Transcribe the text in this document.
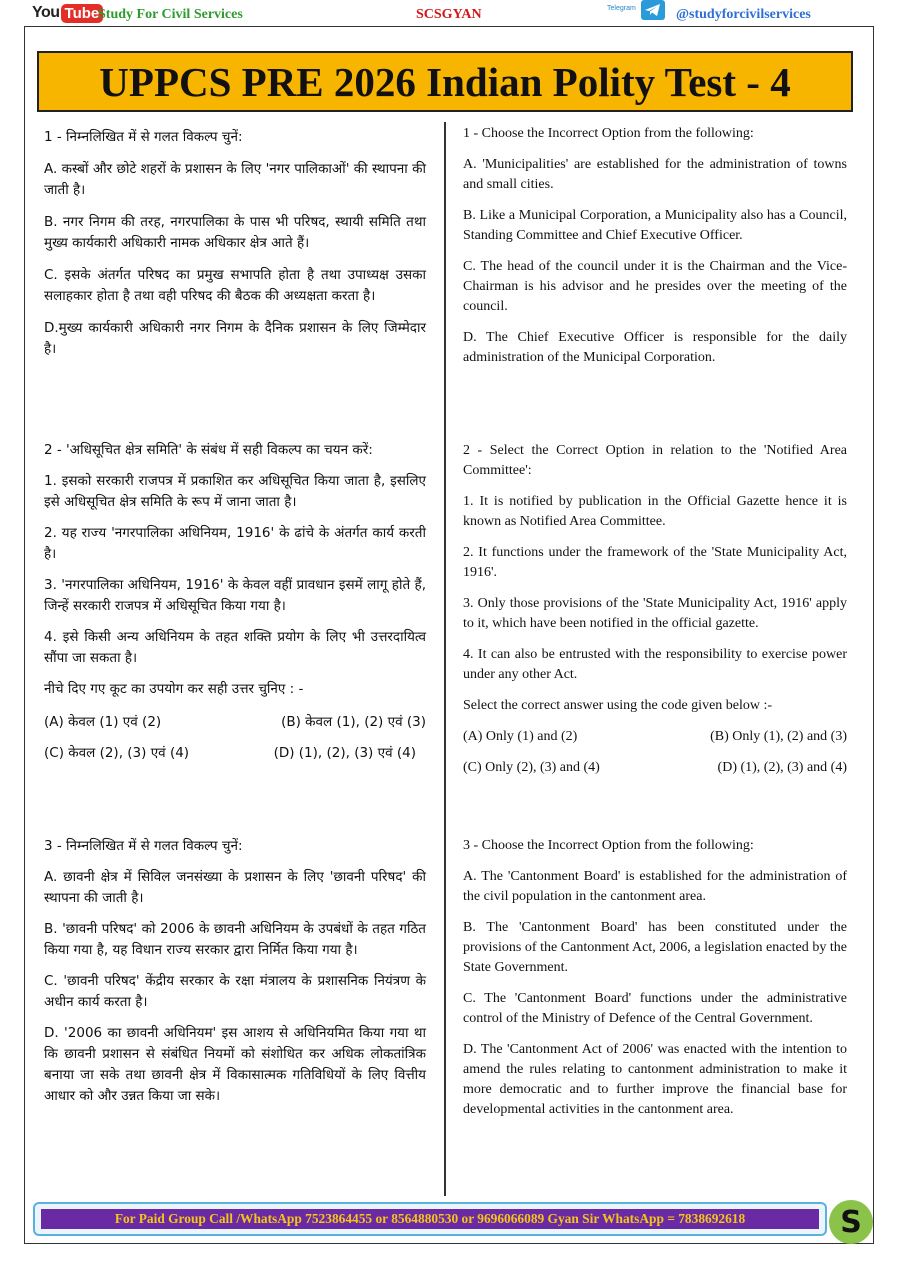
You Tube
Study For Civil Services	SCSGYAN	Telegram	@studyforcivilservices
UPPCS PRE 2026 Indian Polity Test - 4

1 - निम्नलिखित में से गलत विकल्प चुनें:

A. कस्बों और छोटे शहरों के प्रशासन के लिए 'नगर पालिकाओं' की स्थापना की जाती है।

B. नगर निगम की तरह, नगरपालिका के पास भी परिषद, स्थायी समिति तथा मुख्य कार्यकारी अधिकारी नामक अधिकार क्षेत्र आते हैं।

C. इसके अंतर्गत परिषद का प्रमुख सभापति होता है तथा उपाध्यक्ष उसका सलाहकार होता है तथा वही परिषद की बैठक की अध्यक्षता करता है।

D.मुख्य कार्यकारी अधिकारी नगर निगम के दैनिक प्रशासन के लिए जिम्मेदार है।

1 - Choose the Incorrect Option from the following:

A. 'Municipalities' are established for the administration of towns and small cities.

B. Like a Municipal Corporation, a Municipality also has a Council, Standing Committee and Chief Executive Officer.

C. The head of the council under it is the Chairman and the Vice-Chairman is his advisor and he presides over the meeting of the council.

D. The Chief Executive Officer is responsible for the daily administration of the Municipal Corporation.

2 - 'अधिसूचित क्षेत्र समिति' के संबंध में सही विकल्प का चयन करें:

1. इसको सरकारी राजपत्र में प्रकाशित कर अधिसूचित किया जाता है, इसलिए इसे अधिसूचित क्षेत्र समिति के रूप में जाना जाता है।

2. यह राज्य 'नगरपालिका अधिनियम, 1916' के ढांचे के अंतर्गत कार्य करती है।

3. 'नगरपालिका अधिनियम, 1916' के केवल वहीं प्रावधान इसमें लागू होते हैं, जिन्हें सरकारी राजपत्र में अधिसूचित किया गया है।

4. इसे किसी अन्य अधिनियम के तहत शक्ति प्रयोग के लिए भी उत्तरदायित्व सौंपा जा सकता है।

नीचे दिए गए कूट का उपयोग कर सही उत्तर चुनिए : -

(A) केवल (1) एवं (2)	(B) केवल (1), (2) एवं (3)
(C) केवल (2), (3) एवं (4)	(D) (1), (2), (3) एवं (4)

2 - Select the Correct Option in relation to the 'Notified Area Committee':

1. It is notified by publication in the Official Gazette hence it is known as Notified Area Committee.

2. It functions under the framework of the 'State Municipality Act, 1916'.

3. Only those provisions of the 'State Municipality Act, 1916' apply to it, which have been notified in the official gazette.

4. It can also be entrusted with the responsibility to exercise power under any other Act.

Select the correct answer using the code given below :-

(A) Only (1) and (2)	(B) Only (1), (2) and (3)
(C) Only (2), (3) and (4)	(D) (1), (2), (3) and (4)

3 - निम्नलिखित में से गलत विकल्प चुनें:

A. छावनी क्षेत्र में सिविल जनसंख्या के प्रशासन के लिए 'छावनी परिषद' की स्थापना की जाती है।

B. 'छावनी परिषद' को 2006 के छावनी अधिनियम के उपबंधों के तहत गठित किया गया है, यह विधान राज्य सरकार द्वारा निर्मित किया गया है।

C. 'छावनी परिषद' केंद्रीय सरकार के रक्षा मंत्रालय के प्रशासनिक नियंत्रण के अधीन कार्य करता है।

D. '2006 का छावनी अधिनियम' इस आशय से अधिनियमित किया गया था कि छावनी प्रशासन से संबंधित नियमों को संशोधित कर अधिक लोकतांत्रिक बनाया जा सके तथा छावनी क्षेत्र में विकासात्मक गतिविधियों के लिए वित्तीय आधार को और उन्नत किया जा सके।

3 - Choose the Incorrect Option from the following:

A. The 'Cantonment Board' is established for the administration of the civil population in the cantonment area.

B. The 'Cantonment Board' has been constituted under the provisions of the Cantonment Act, 2006, a legislation enacted by the State Government.

C. The 'Cantonment Board' functions under the administrative control of the Ministry of Defence of the Central Government.

D. The 'Cantonment Act of 2006' was enacted with the intention to amend the rules relating to cantonment administration to make it more democratic and to further improve the financial base for developmental activities in the cantonment area.

For Paid Group Call /WhatsApp 7523864455 or 8564880530 or 9696066089 Gyan Sir WhatsApp = 7838692618	S
